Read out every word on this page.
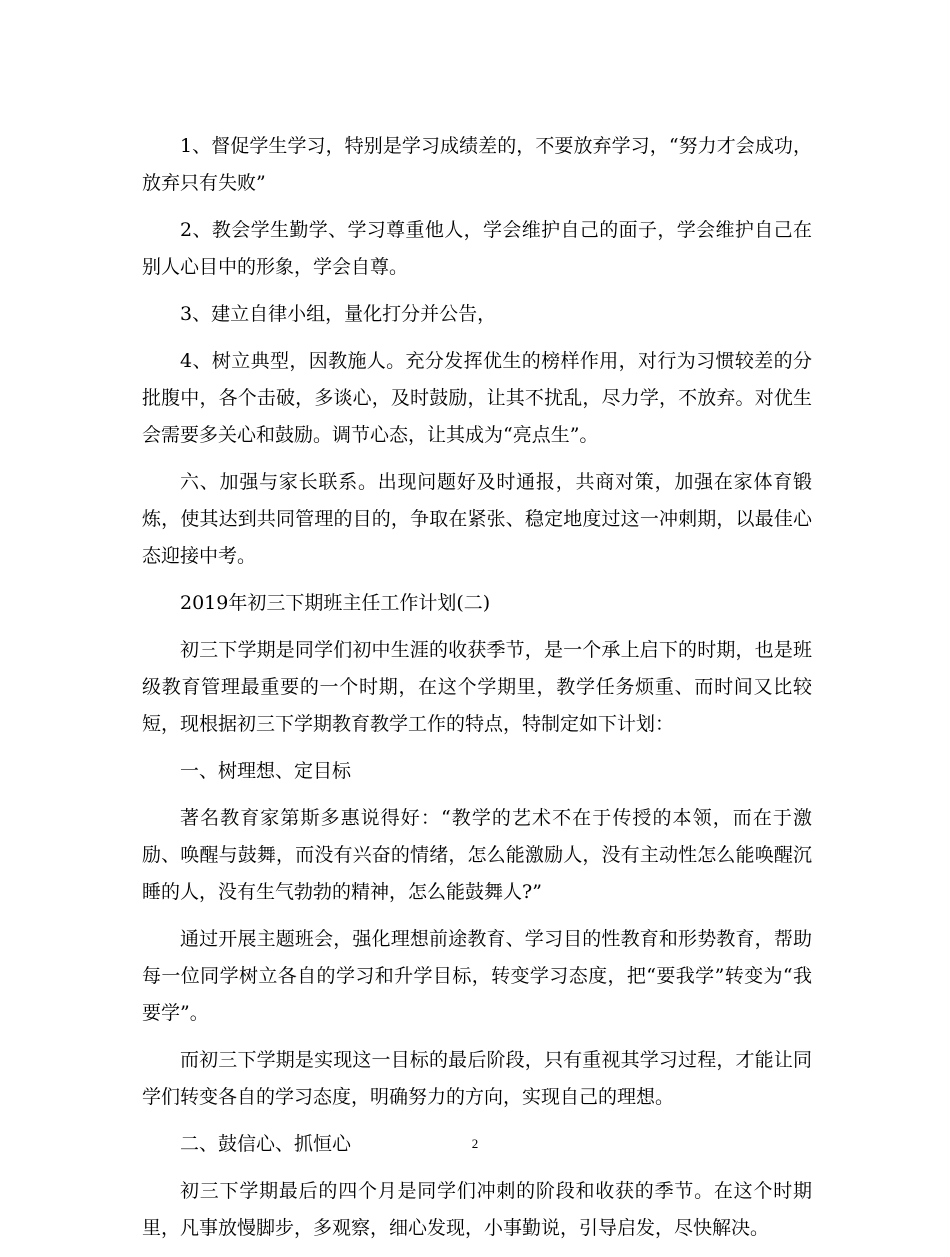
1、督促学生学习，特别是学习成绩差的，不要放弃学习，“努力才会成功，放弃只有失败”

2、教会学生勤学、学习尊重他人，学会维护自己的面子，学会维护自己在别人心目中的形象，学会自尊。

3、建立自律小组，量化打分并公告，

4、树立典型，因教施人。充分发挥优生的榜样作用，对行为习惯较差的分批腹中，各个击破，多谈心，及时鼓励，让其不扰乱，尽力学，不放弃。对优生会需要多关心和鼓励。调节心态，让其成为“亮点生”。

六、加强与家长联系。出现问题好及时通报，共商对策，加强在家体育锻炼，使其达到共同管理的目的，争取在紧张、稳定地度过这一冲刺期，以最佳心态迎接中考。

2019年初三下期班主任工作计划(二)

初三下学期是同学们初中生涯的收获季节，是一个承上启下的时期，也是班级教育管理最重要的一个时期，在这个学期里，教学任务烦重、而时间又比较短，现根据初三下学期教育教学工作的特点，特制定如下计划：

一、树理想、定目标

著名教育家第斯多惠说得好：“教学的艺术不在于传授的本领，而在于激励、唤醒与鼓舞，而没有兴奋的情绪，怎么能激励人，没有主动性怎么能唤醒沉睡的人，没有生气勃勃的精神，怎么能鼓舞人?”

通过开展主题班会，强化理想前途教育、学习目的性教育和形势教育，帮助每一位同学树立各自的学习和升学目标，转变学习态度，把“要我学”转变为“我要学”。

而初三下学期是实现这一目标的最后阶段，只有重视其学习过程，才能让同学们转变各自的学习态度，明确努力的方向，实现自己的理想。

二、鼓信心、抓恒心

初三下学期最后的四个月是同学们冲刺的阶段和收获的季节。在这个时期里，凡事放慢脚步，多观察，细心发现，小事勤说，引导启发，尽快解决。

2
